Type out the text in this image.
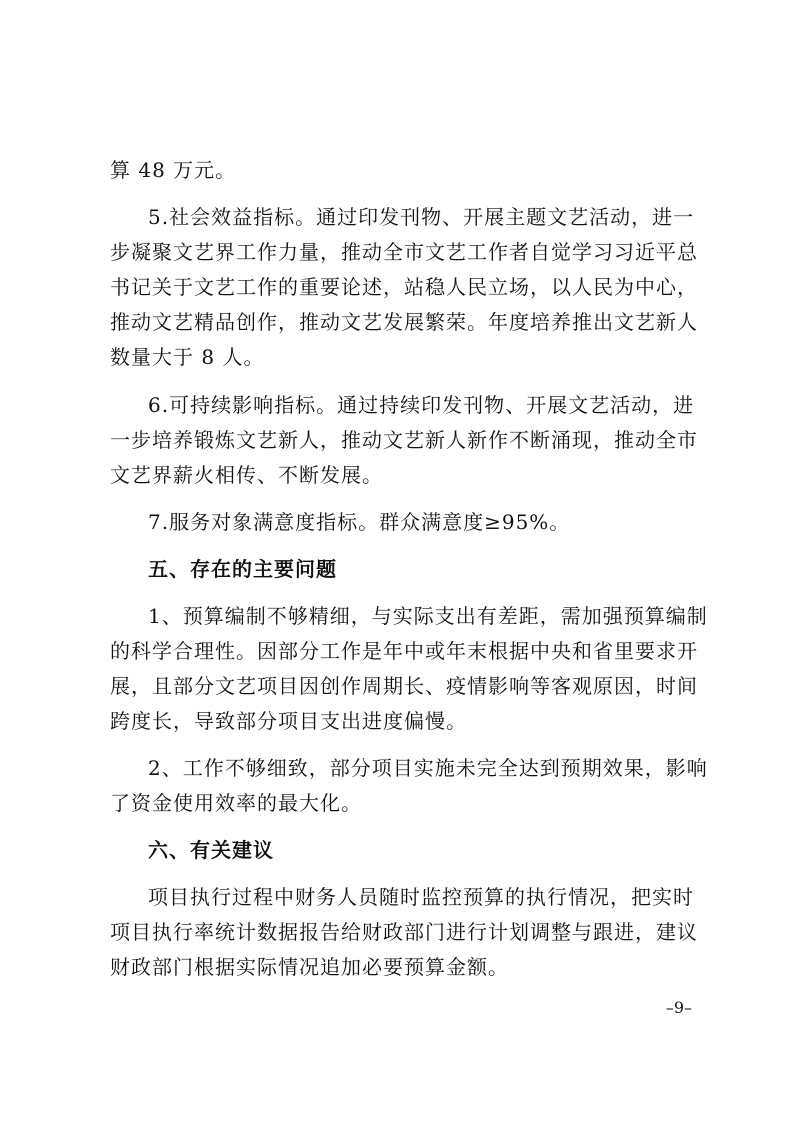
算 48 万元。
5.社会效益指标。通过印发刊物、开展主题文艺活动，进一
步凝聚文艺界工作力量，推动全市文艺工作者自觉学习习近平总
书记关于文艺工作的重要论述，站稳人民立场，以人民为中心，
推动文艺精品创作，推动文艺发展繁荣。年度培养推出文艺新人
数量大于 8 人。
6.可持续影响指标。通过持续印发刊物、开展文艺活动，进
一步培养锻炼文艺新人，推动文艺新人新作不断涌现，推动全市
文艺界薪火相传、不断发展。
7.服务对象满意度指标。群众满意度≥95%。
五、存在的主要问题
1、预算编制不够精细，与实际支出有差距，需加强预算编制
的科学合理性。因部分工作是年中或年末根据中央和省里要求开
展，且部分文艺项目因创作周期长、疫情影响等客观原因，时间
跨度长，导致部分项目支出进度偏慢。
2、工作不够细致，部分项目实施未完全达到预期效果，影响
了资金使用效率的最大化。
六、有关建议
项目执行过程中财务人员随时监控预算的执行情况，把实时
项目执行率统计数据报告给财政部门进行计划调整与跟进，建议
财政部门根据实际情况追加必要预算金额。
–9–
